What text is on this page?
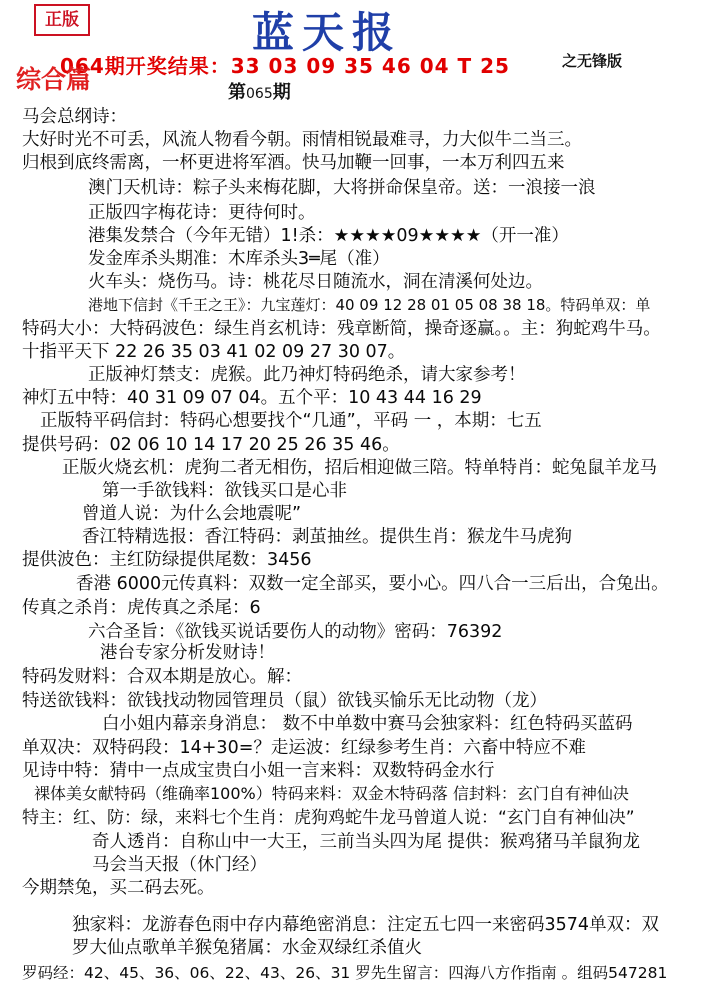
正版	蓝天报
064期开奖结果：33 03 09 35 46 04 T 25	之无锋版
综合篇	第065期
马会总纲诗：
大好时光不可丢，风流人物看今朝。雨情相锐最难寻，力大似牛二当三。
归根到底终需离，一杯更进将军酒。快马加鞭一回事，一本万利四五来
澳门天机诗：粽子头来梅花脚，大将拼命保皇帝。送：一浪接一浪
正版四字梅花诗：更待何时。
港集发禁合（今年无错）1!杀：★★★★09★★★★（开一准）
发金库杀头期准：木库杀头3═尾（准）
火车头：烧伤马。诗：桃花尽日随流水，洞在清溪何处边。
港地下信封《千王之王》：九宝莲灯：40 09 12 28 01 05 08 38 18。特码单双：单
特码大小：大特码波色：绿生肖玄机诗：残章断简，操奇逐赢。。主：狗蛇鸡牛马。
十指平天下 22 26 35 03 41 02 09 27 30 07。
正版神灯禁支：虎猴。此乃神灯特码绝杀，请大家参考！
神灯五中特：40 31 09 07 04。五个平：10 43 44 16 29
正版特平码信封：特码心想要找个“几通”，平码 一 ，本期：七五
提供号码：02 06 10 14 17 20 25 26 35 46。
正版火烧玄机：虎狗二者无相伤，招后相迎做三陪。特单特肖：蛇兔鼠羊龙马
第一手欲钱料：欲钱买口是心非
曾道人说：为什么会地震呢”
香江特精选报：香江特码：剥茧抽丝。提供生肖：猴龙牛马虎狗
提供波色：主红防绿提供尾数：3456
香港 6000元传真料：双数一定全部买，要小心。四八合一三后出，合兔出。
传真之杀肖：虎传真之杀尾：6
六合圣旨：《欲钱买说话要伤人的动物》密码：76392
港台专家分析发财诗！
特码发财料：合双本期是放心。解：
特送欲钱料：欲钱找动物园管理员（鼠）欲钱买愉乐无比动物（龙）
白小姐内幕亲身消息： 数不中单数中赛马会独家料：红色特码买蓝码
单双决：双特码段：14+30=？走运波：红绿参考生肖：六畜中特应不难
见诗中特：猜中一点成宝贵白小姐一言来料：双数特码金水行
裸体美女献特码（维确率100%）特码来料：双金木特码落 信封料：玄门自有神仙决
特主：红、防：绿，来料七个生肖：虎狗鸡蛇牛龙马曾道人说：“玄门自有神仙决”
奇人透肖：自称山中一大王，三前当头四为尾 提供：猴鸡猪马羊鼠狗龙
马会当天报（休门经）
今期禁兔，买二码去死。
独家料：龙游春色雨中存内幕绝密消息：注定五七四一来密码3574单双：双
罗大仙点歌单羊猴兔猪属：水金双绿红杀值火
罗码经：42、45、36、06、22、43、26、31 罗先生留言：四海八方作指南 。组码547281
